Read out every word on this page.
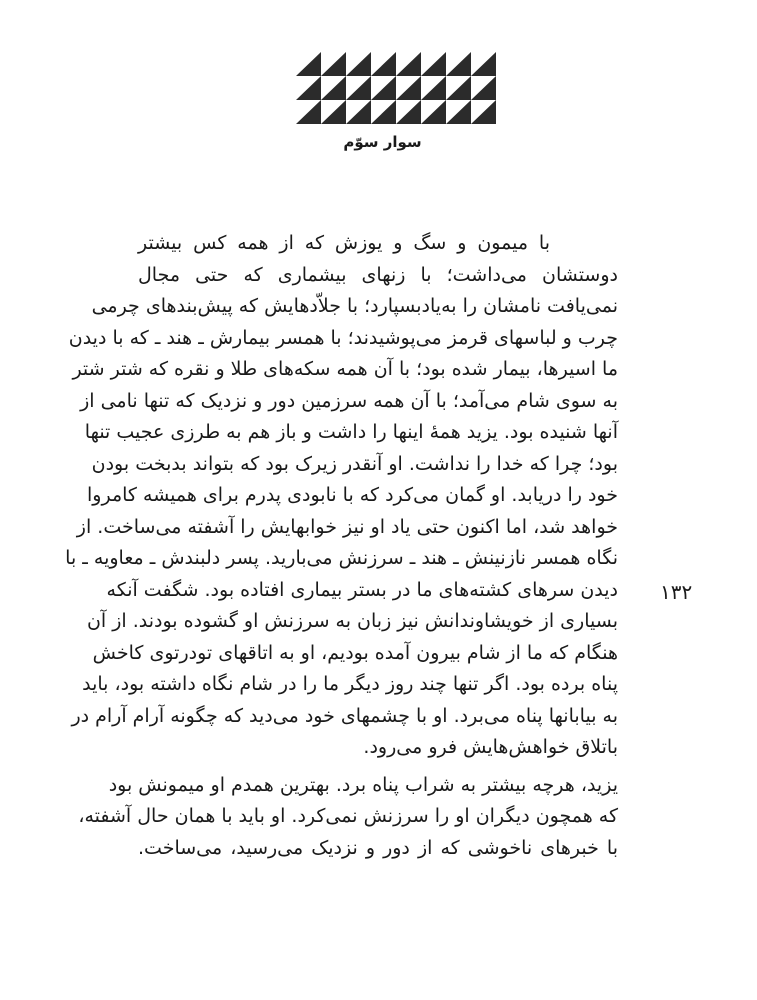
سوار سوّم
با میمون و سگ و یوزش که از همه کس بیشتر
دوستشان می‌داشت؛ با زنهای بیشماری که حتی مجال
نمی‌یافت نامشان را به‌یادبسپارد؛ با جلاّدهایش که پیش‌بندهای چرمی
چرب و لباسهای قرمز می‌پوشیدند؛ با همسر بیمارش ـ هند ـ که با دیدن
ما اسیرها، بیمار شده بود؛ با آن همه سکه‌های طلا و نقره که شتر شتر
به سوی شام می‌آمد؛ با آن همه سرزمین دور و نزدیک که تنها نامی از
آنها شنیده بود. یزید همهٔ اینها را داشت و باز هم به طرزی عجیب تنها
بود؛ چرا که خدا را نداشت. او آنقدر زیرک بود که بتواند بدبخت بودن
خود را دریابد. او گمان می‌کرد که با نابودی پدرم برای همیشه کامروا
خواهد شد، اما اکنون حتی یاد او نیز خوابهایش را آشفته می‌ساخت. از
نگاه همسر نازنینش ـ هند ـ سرزنش می‌بارید. پسر دلبندش ـ معاویه ـ با
دیدن سرهای کشته‌های ما در بستر بیماری افتاده بود. شگفت آنکه
بسیاری از خویشاوندانش نیز زبان به سرزنش او گشوده بودند. از آن
هنگام که ما از شام بیرون آمده بودیم، او به اتاقهای تودرتوی کاخش
پناه برده بود. اگر تنها چند روز دیگر ما را در شام نگاه داشته بود، باید
به بیابانها پناه می‌برد. او با چشمهای خود می‌دید که چگونه آرام آرام در
باتلاق خواهش‌هایش فرو می‌رود.
یزید، هرچه بیشتر به شراب پناه برد. بهترین همدم او میمونش بود
که همچون دیگران او را سرزنش نمی‌کرد. او باید با همان حال آشفته،
با خبرهای ناخوشی که از دور و نزدیک می‌رسید، می‌ساخت.
۱۳۲
